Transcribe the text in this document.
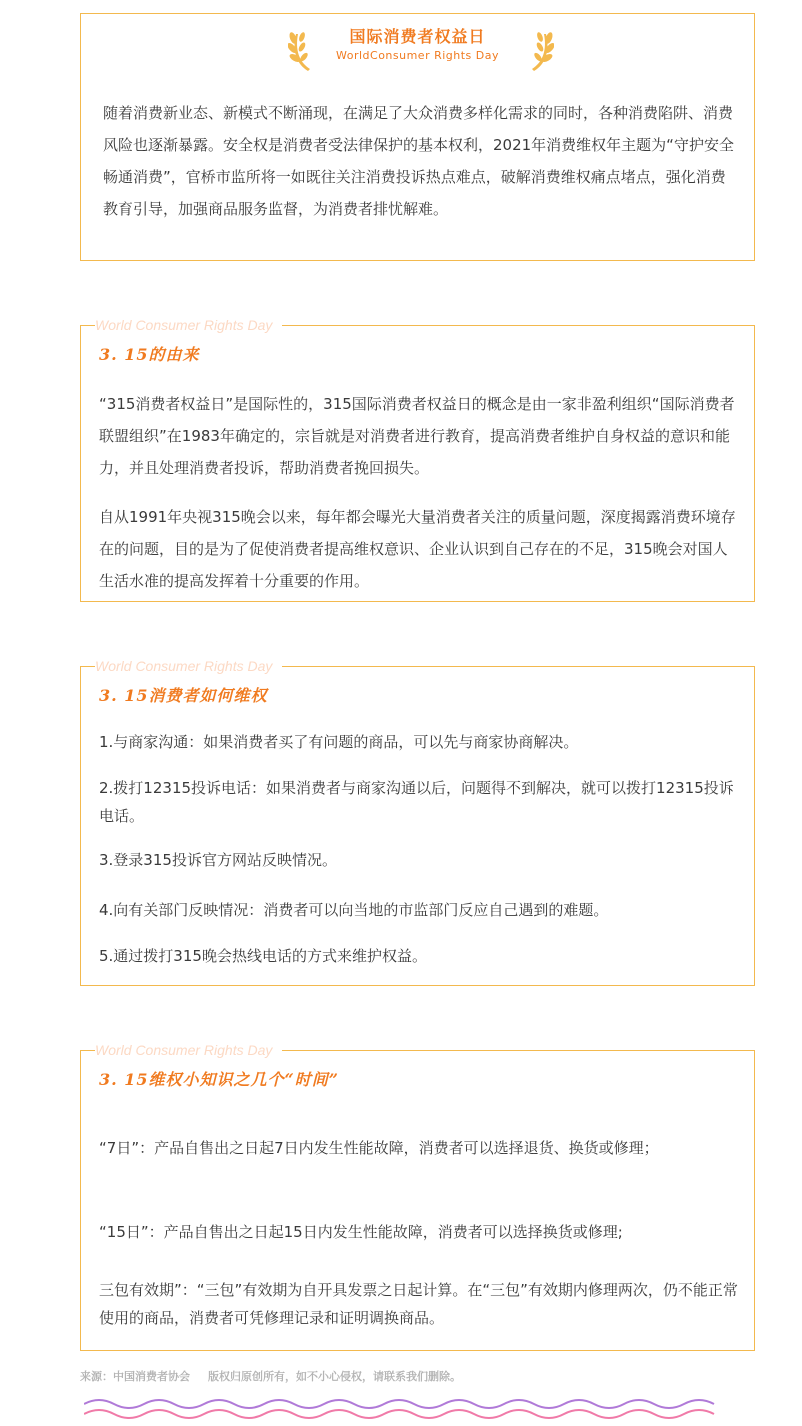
国际消费者权益日
WorldConsumer Rights Day

随着消费新业态、新模式不断涌现，在满足了大众消费多样化需求的同时，各种消费陷阱、消费风险也逐渐暴露。安全权是消费者受法律保护的基本权利，2021年消费维权年主题为“守护安全 畅通消费”，官桥市监所将一如既往关注消费投诉热点难点，破解消费维权痛点堵点，强化消费教育引导，加强商品服务监督，为消费者排忧解难。

World Consumer Rights Day
3. 15的由来

“315消费者权益日”是国际性的，315国际消费者权益日的概念是由一家非盈利组织“国际消费者联盟组织”在1983年确定的，宗旨就是对消费者进行教育，提高消费者维护自身权益的意识和能力，并且处理消费者投诉，帮助消费者挽回损失。

自从1991年央视315晚会以来，每年都会曝光大量消费者关注的质量问题，深度揭露消费环境存在的问题，目的是为了促使消费者提高维权意识、企业认识到自己存在的不足，315晚会对国人生活水准的提高发挥着十分重要的作用。

World Consumer Rights Day
3. 15消费者如何维权

1.与商家沟通：如果消费者买了有问题的商品，可以先与商家协商解决。

2.拨打12315投诉电话：如果消费者与商家沟通以后，问题得不到解决，就可以拨打12315投诉电话。

3.登录315投诉官方网站反映情况。

4.向有关部门反映情况：消费者可以向当地的市监部门反应自己遇到的难题。

5.通过拨打315晚会热线电话的方式来维护权益。

World Consumer Rights Day
3. 15维权小知识之几个“时间”

“7日”：产品自售出之日起7日内发生性能故障，消费者可以选择退货、换货或修理；

“15日”：产品自售出之日起15日内发生性能故障，消费者可以选择换货或修理;

三包有效期”：“三包”有效期为自开具发票之日起计算。在“三包”有效期内修理两次，仍不能正常使用的商品，消费者可凭修理记录和证明调换商品。

来源：中国消费者协会 版权归原创所有，如不小心侵权，请联系我们删除。
